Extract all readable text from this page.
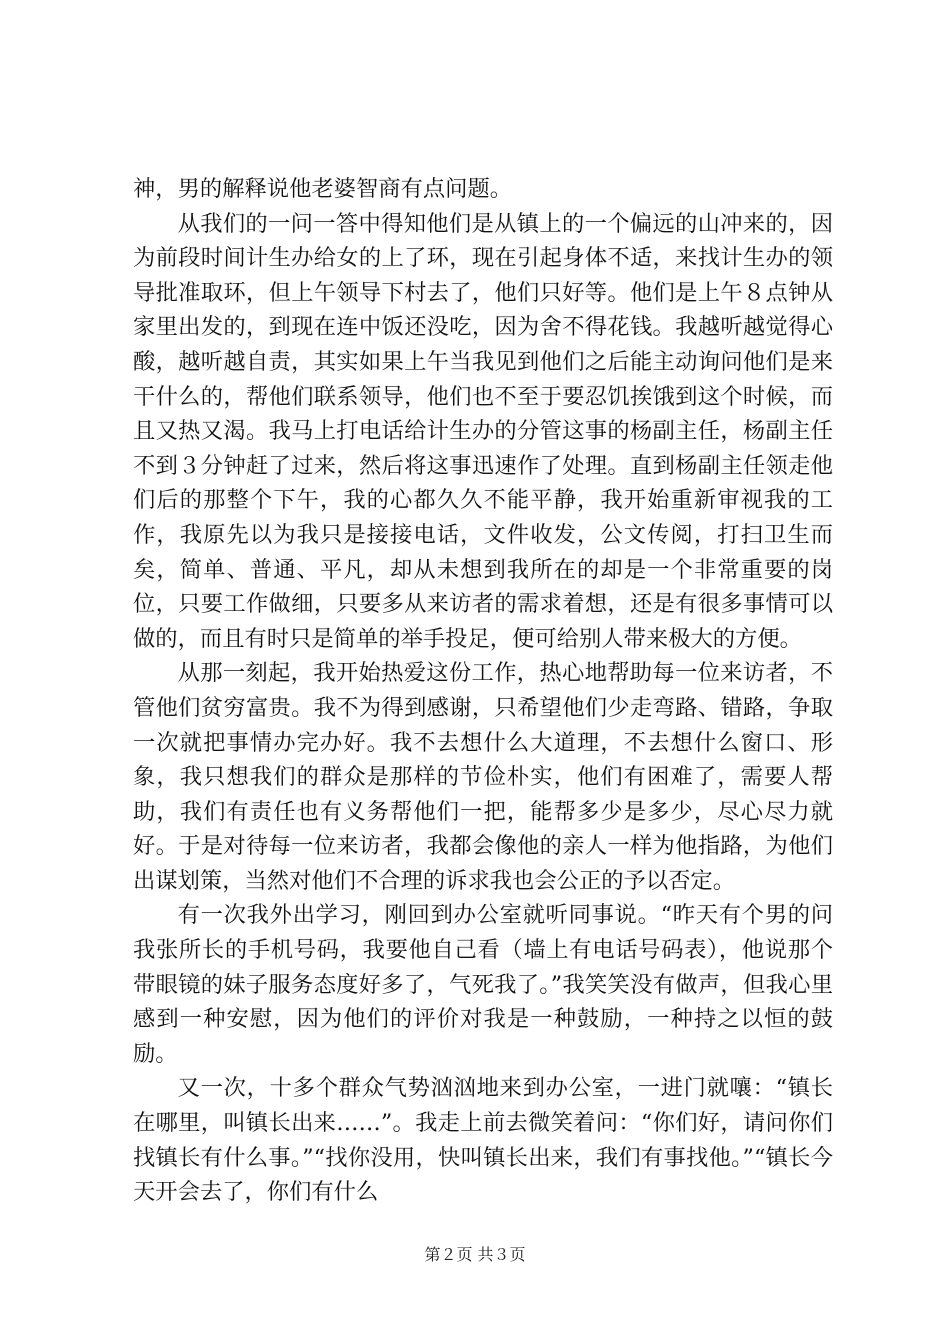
神，男的解释说他老婆智商有点问题。

从我们的一问一答中得知他们是从镇上的一个偏远的山冲来的，因为前段时间计生办给女的上了环，现在引起身体不适，来找计生办的领导批准取环，但上午领导下村去了，他们只好等。他们是上午８点钟从家里出发的，到现在连中饭还没吃，因为舍不得花钱。我越听越觉得心酸，越听越自责，其实如果上午当我见到他们之后能主动询问他们是来干什么的，帮他们联系领导，他们也不至于要忍饥挨饿到这个时候，而且又热又渴。我马上打电话给计生办的分管这事的杨副主任，杨副主任不到３分钟赶了过来，然后将这事迅速作了处理。直到杨副主任领走他们后的那整个下午，我的心都久久不能平静，我开始重新审视我的工作，我原先以为我只是接接电话，文件收发，公文传阅，打扫卫生而矣，简单、普通、平凡，却从未想到我所在的却是一个非常重要的岗位，只要工作做细，只要多从来访者的需求着想，还是有很多事情可以做的，而且有时只是简单的举手投足，便可给别人带来极大的方便。

从那一刻起，我开始热爱这份工作，热心地帮助每一位来访者，不管他们贫穷富贵。我不为得到感谢，只希望他们少走弯路、错路，争取一次就把事情办完办好。我不去想什么大道理，不去想什么窗口、形象，我只想我们的群众是那样的节俭朴实，他们有困难了，需要人帮助，我们有责任也有义务帮他们一把，能帮多少是多少，尽心尽力就好。于是对待每一位来访者，我都会像他的亲人一样为他指路，为他们出谋划策，当然对他们不合理的诉求我也会公正的予以否定。

有一次我外出学习，刚回到办公室就听同事说。“昨天有个男的问我张所长的手机号码，我要他自己看（墙上有电话号码表），他说那个带眼镜的妹子服务态度好多了，气死我了。”我笑笑没有做声，但我心里感到一种安慰，因为他们的评价对我是一种鼓励，一种持之以恒的鼓励。

又一次，十多个群众气势汹汹地来到办公室，一进门就嚷：“镇长在哪里，叫镇长出来……”。我走上前去微笑着问：“你们好，请问你们找镇长有什么事。”“找你没用，快叫镇长出来，我们有事找他。”“镇长今天开会去了，你们有什么

第２页 共３页
